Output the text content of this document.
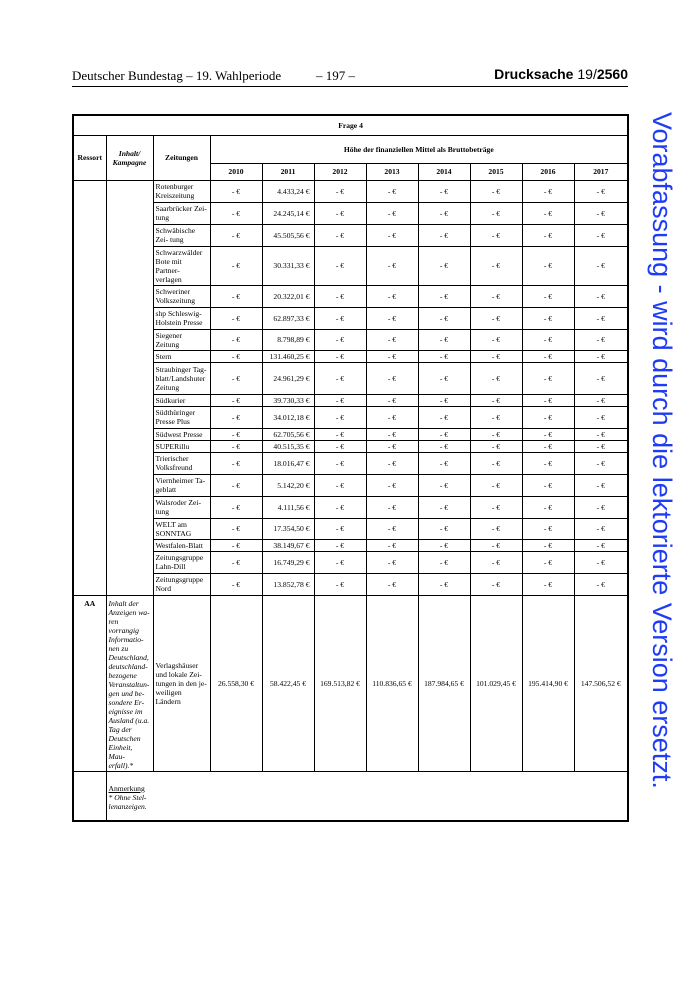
Deutscher Bundestag – 19. Wahlperiode	– 197 –	Drucksache 19/2560
Vorabfassung - wird durch die lektorierte Version ersetzt.
Frage 4										
Ressort	Inhalt/ Kampagne	Zeitungen	Höhe der finanziellen Mittel als Bruttobeträge							
			2010	2011	2012	2013	2014	2015	2016	2017
		Rotenburger Kreiszeitung	- €	4.433,24 €	- €	- €	- €	- €	- €	- €
		Saarbrücker Zei- tung	- €	24.245,14 €	- €	- €	- €	- €	- €	- €
		Schwäbische Zei- tung	- €	45.505,56 €	- €	- €	- €	- €	- €	- €
		Schwarzwälder Bote mit Partner- verlagen	- €	30.331,33 €	- €	- €	- €	- €	- €	- €
		Schweriner Volkszeitung	- €	20.322,01 €	- €	- €	- €	- €	- €	- €
		shp Schleswig- Holstein Presse	- €	62.897,33 €	- €	- €	- €	- €	- €	- €
		Siegener Zeitung	- €	8.798,89 €	- €	- €	- €	- €	- €	- €
		Stern	- €	131.460,25 €	- €	- €	- €	- €	- €	- €
		Straubinger Tag- blatt/Landshuter Zeitung	- €	24.961,29 €	- €	- €	- €	- €	- €	- €
		Südkurier	- €	39.730,33 €	- €	- €	- €	- €	- €	- €
		Südthüringer Presse Plus	- €	34.012,18 €	- €	- €	- €	- €	- €	- €
		Südwest Presse	- €	62.705,56 €	- €	- €	- €	- €	- €	- €
		SUPERillu	- €	40.515,35 €	- €	- €	- €	- €	- €	- €
		Trierischer Volksfreund	- €	18.016,47 €	- €	- €	- €	- €	- €	- €
		Viernheimer Ta- geblatt	- €	5.142,20 €	- €	- €	- €	- €	- €	- €
		Walsroder Zei- tung	- €	4.111,56 €	- €	- €	- €	- €	- €	- €
		WELT am SONNTAG	- €	17.354,50 €	- €	- €	- €	- €	- €	- €
		Westfalen-Blatt	- €	38.149,67 €	- €	- €	- €	- €	- €	- €
		Zeitungsgruppe Lahn-Dill	- €	16.749,29 €	- €	- €	- €	- €	- €	- €
		Zeitungsgruppe Nord	- €	13.852,78 €	- €	- €	- €	- €	- €	- €
AA	Inhalt der Anzeigen wa- ren vorrangig Informatio- nen zu Deutschland, deutschland- bezogene Veranstaltun- gen und be- sondere Er- eignisse im Ausland (u.a. Tag der Deutschen Einheit, Mau- erfall).*	Verlagshäuser und lokale Zei- tungen in den je- weiligen Ländern	26.558,30 €	58.422,45 €	169.513,82 €	110.836,65 €	187.984,65 €	101.029,45 €	195.414,90 €	147.506,52 €
	Anmerkung

* Ohne Stel- lenanzeigen.									
